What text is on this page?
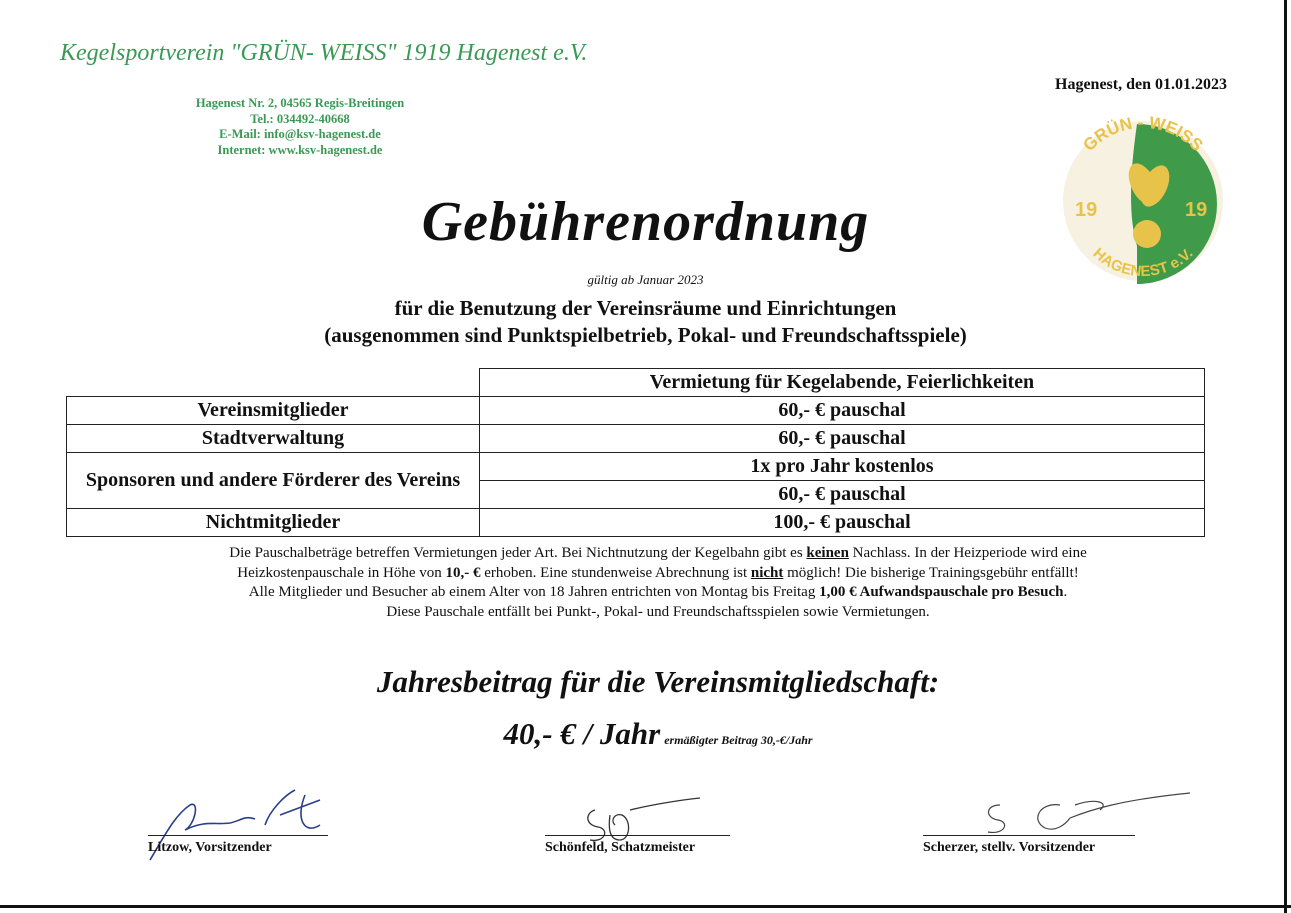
Kegelsportverein "GRÜN- WEISS" 1919 Hagenest e.V.
Hagenest Nr. 2, 04565 Regis-Breitingen
Tel.: 034492-40668
E-Mail: info@ksv-hagenest.de
Internet: www.ksv-hagenest.de
Hagenest, den 01.01.2023
GRÜN - WEISS
19	19
HAGENEST e.V.
Gebührenordnung
gültig ab Januar 2023
für die Benutzung der Vereinsräume und Einrichtungen
(ausgenommen sind Punktspielbetrieb, Pokal- und Freundschaftsspiele)
	Vermietung für Kegelabende, Feierlichkeiten
Vereinsmitglieder	60,- € pauschal
Stadtverwaltung	60,- € pauschal
Sponsoren und andere Förderer des Vereins	1x pro Jahr kostenlos
	60,- € pauschal
Nichtmitglieder	100,- € pauschal
Die Pauschalbeträge betreffen Vermietungen jeder Art. Bei Nichtnutzung der Kegelbahn gibt es keinen Nachlass. In der Heizperiode wird eine
Heizkostenpauschale in Höhe von 10,- € erhoben. Eine stundenweise Abrechnung ist nicht möglich! Die bisherige Trainingsgebühr entfällt!
Alle Mitglieder und Besucher ab einem Alter von 18 Jahren entrichten von Montag bis Freitag 1,00 € Aufwandspauschale pro Besuch.
Diese Pauschale entfällt bei Punkt-, Pokal- und Freundschaftsspielen sowie Vermietungen.
Jahresbeitrag für die Vereinsmitgliedschaft:
40,- € / Jahr ermäßigter Beitrag 30,-€/Jahr
Litzow, Vorsitzender	Schönfeld, Schatzmeister	Scherzer, stellv. Vorsitzender
